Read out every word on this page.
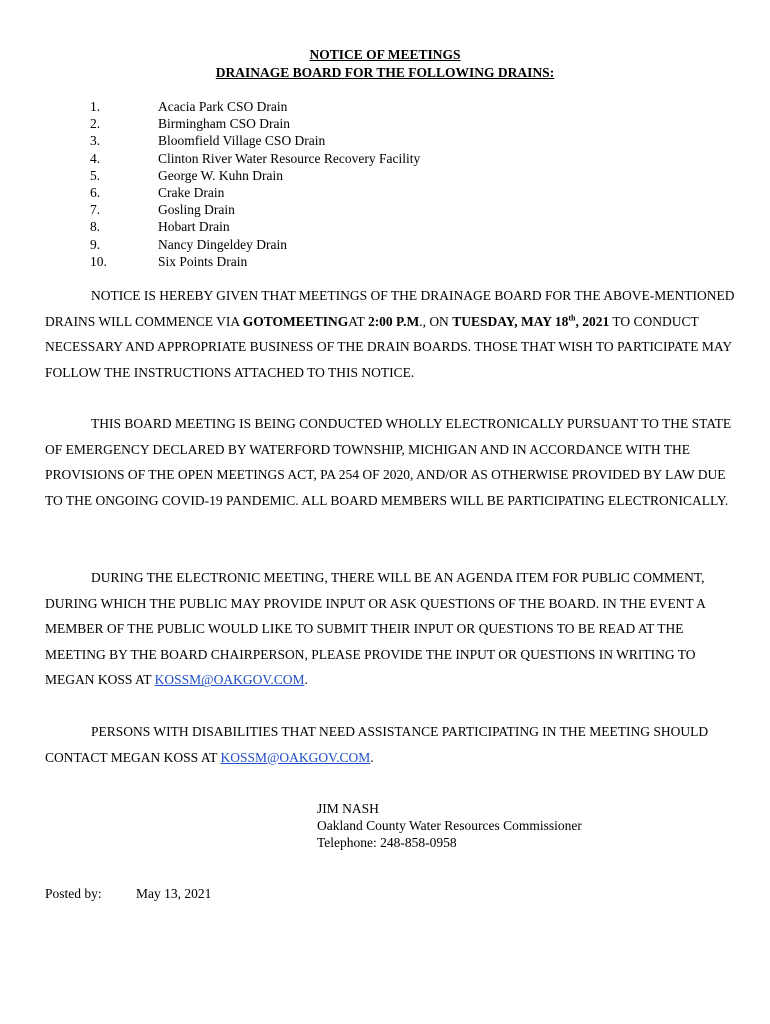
NOTICE OF MEETINGS
DRAINAGE BOARD FOR THE FOLLOWING DRAINS:
1.	Acacia Park CSO Drain
2.	Birmingham CSO Drain
3.	Bloomfield Village CSO Drain
4.	Clinton River Water Resource Recovery Facility
5.	George W. Kuhn Drain
6.	Crake Drain
7.	Gosling Drain
8.	Hobart Drain
9.	Nancy Dingeldey Drain
10.	Six Points Drain

NOTICE IS HEREBY GIVEN THAT MEETINGS OF THE DRAINAGE BOARD FOR THE ABOVE-MENTIONED DRAINS WILL COMMENCE VIA GOTOMEETINGAT 2:00 P.M., ON TUESDAY, MAY 18th, 2021 TO CONDUCT NECESSARY AND APPROPRIATE BUSINESS OF THE DRAIN BOARDS. THOSE THAT WISH TO PARTICIPATE MAY FOLLOW THE INSTRUCTIONS ATTACHED TO THIS NOTICE.

THIS BOARD MEETING IS BEING CONDUCTED WHOLLY ELECTRONICALLY PURSUANT TO THE STATE OF EMERGENCY DECLARED BY WATERFORD TOWNSHIP, MICHIGAN AND IN ACCORDANCE WITH THE PROVISIONS OF THE OPEN MEETINGS ACT, PA 254 OF 2020, AND/OR AS OTHERWISE PROVIDED BY LAW DUE TO THE ONGOING COVID-19 PANDEMIC. ALL BOARD MEMBERS WILL BE PARTICIPATING ELECTRONICALLY.

DURING THE ELECTRONIC MEETING, THERE WILL BE AN AGENDA ITEM FOR PUBLIC COMMENT, DURING WHICH THE PUBLIC MAY PROVIDE INPUT OR ASK QUESTIONS OF THE BOARD. IN THE EVENT A MEMBER OF THE PUBLIC WOULD LIKE TO SUBMIT THEIR INPUT OR QUESTIONS TO BE READ AT THE MEETING BY THE BOARD CHAIRPERSON, PLEASE PROVIDE THE INPUT OR QUESTIONS IN WRITING TO MEGAN KOSS AT KOSSM@OAKGOV.COM.

PERSONS WITH DISABILITIES THAT NEED ASSISTANCE PARTICIPATING IN THE MEETING SHOULD CONTACT MEGAN KOSS AT KOSSM@OAKGOV.COM.

JIM NASH
Oakland County Water Resources Commissioner
Telephone: 248-858-0958
Posted by:	May 13, 2021
